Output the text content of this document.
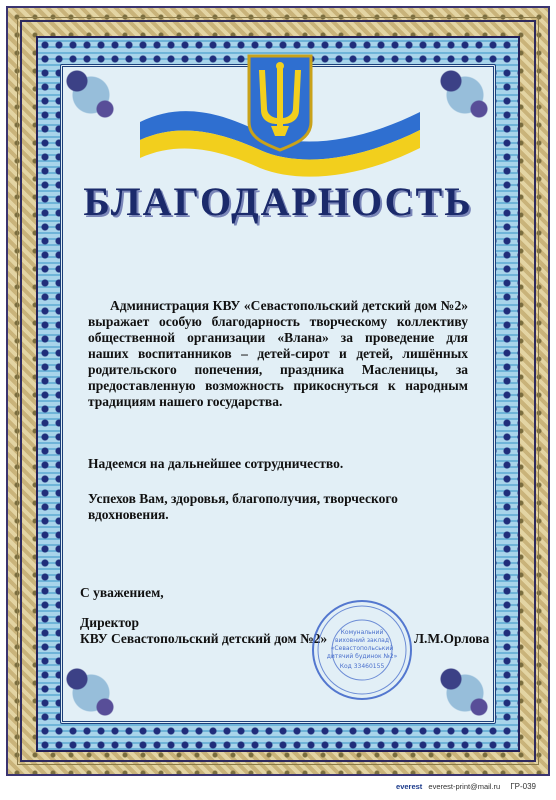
БЛАГОДАРНОСТЬ
Администрация КВУ «Севастопольский детский дом №2» выражает особую благодарность творческому коллективу общественной организации «Влана» за проведение для наших воспитанников – детей-сирот и детей, лишённых родительского попечения, праздника Масленицы, за предоставленную возможность прикоснуться к народным традициям нашего государства.
Надеемся на дальнейшее сотрудничество.
Успехов Вам, здоровья, благополучия, творческого вдохновения.
С уважением,
Директор
КВУ Севастопольский детский дом №2»	Л.М.Орлова
Комунальний
виховний заклад
«Севастопольський
дитячий будинок №2»
Код 33460155
everest everest-print@mail.ru ГР-039
